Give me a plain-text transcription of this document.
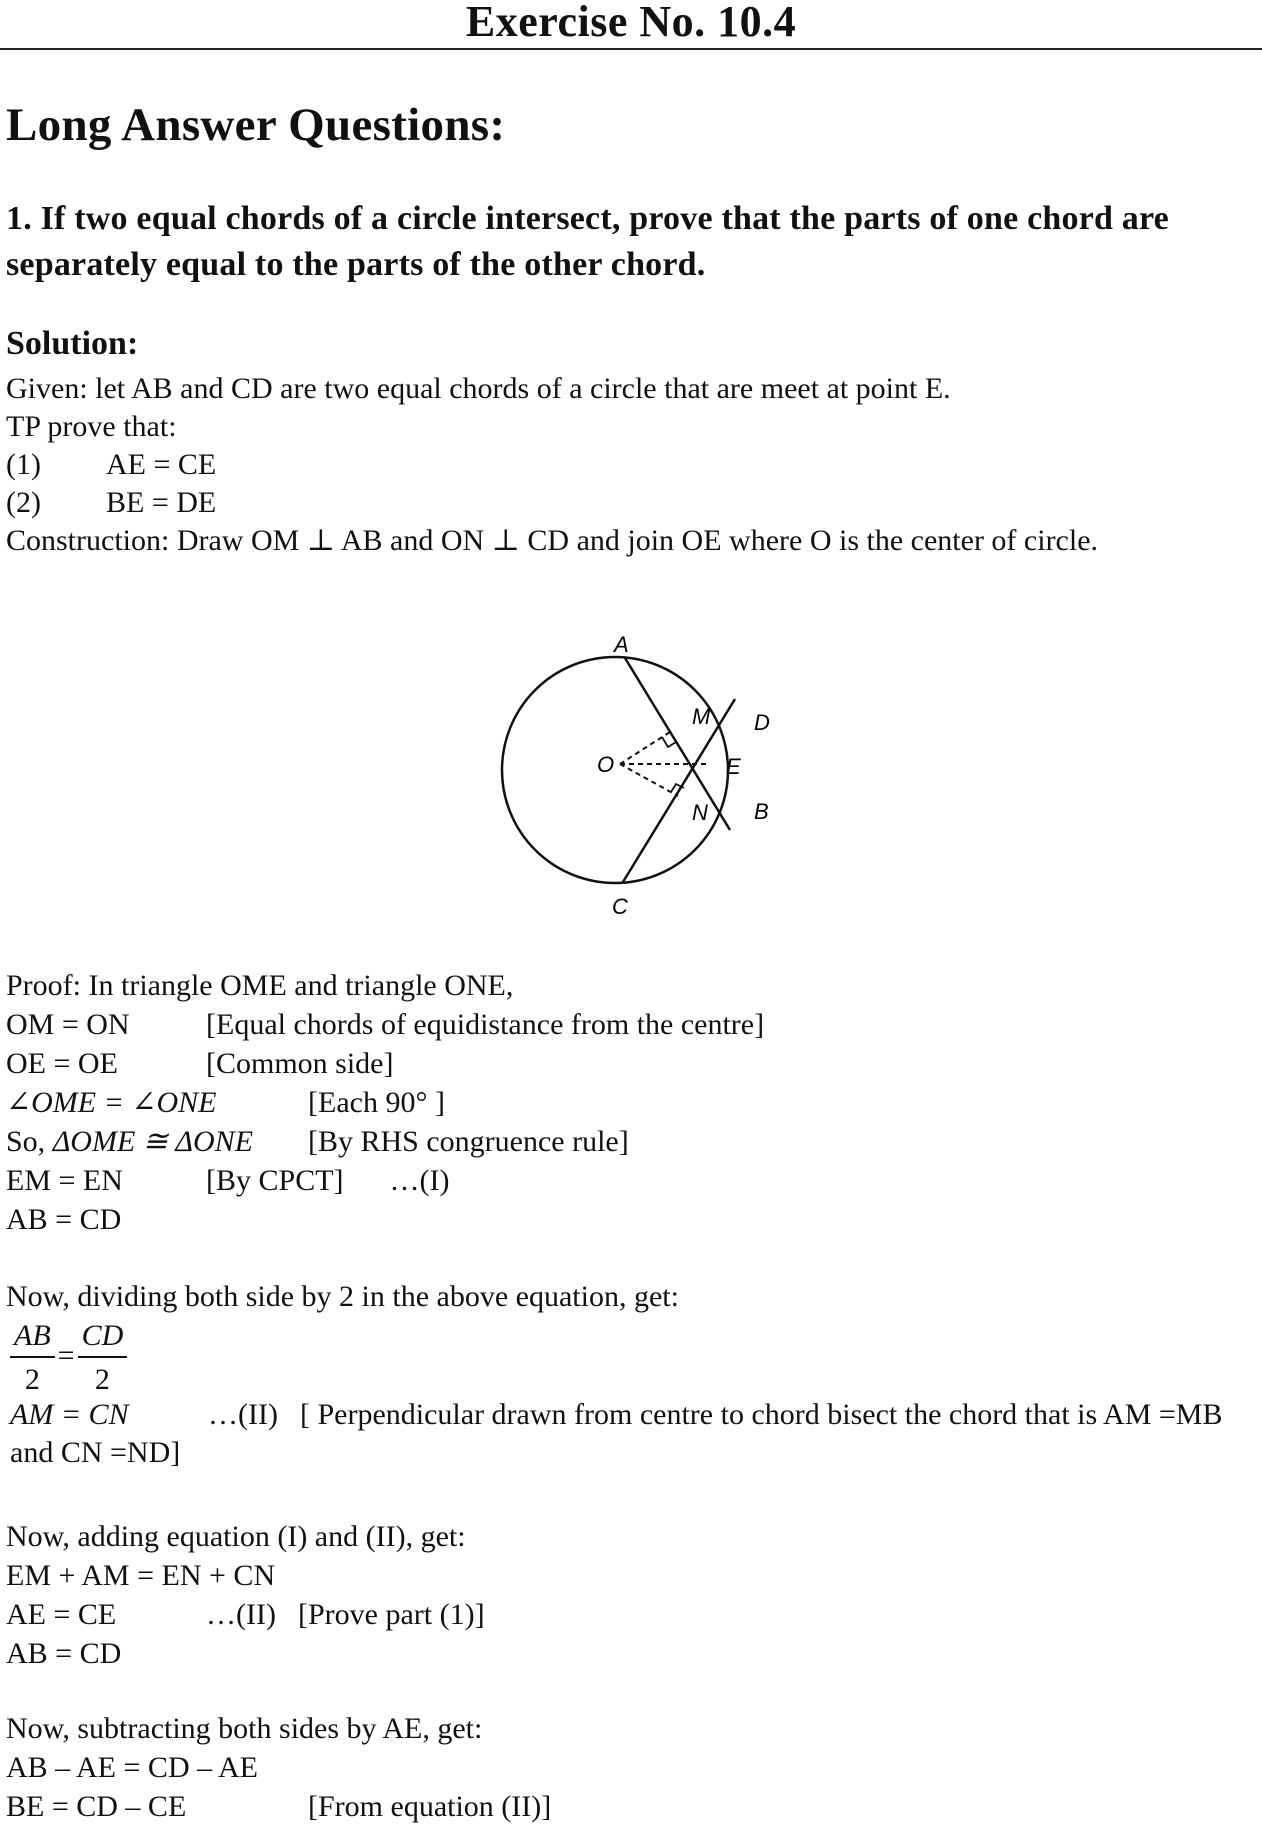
Exercise No. 10.4
Long Answer Questions:

1. If two equal chords of a circle intersect, prove that the parts of one chord are separately equal to the parts of the other chord.

Solution:
Given: let AB and CD are two equal chords of a circle that are meet at point E.
TP prove that:
(1) AE = CE
(2) BE = DE
Construction: Draw OM ⊥ AB and ON ⊥ CD and join OE where O is the center of circle.
A
B
C
D
E
M
N
O
Proof: In triangle OME and triangle ONE,
OM = ON	[Equal chords of equidistance from the centre]
OE = OE	[Common side]
∠OME = ∠ONE	[Each 90° ]
So, ΔOME ≅ ΔONE [By RHS congruence rule]
EM = EN	[By CPCT] …(I)
AB = CD
Now, dividing both side by 2 in the above equation, get:
$\frac{AB}{2} = \frac{CD}{2}$
AM = CN	…(II) [ Perpendicular drawn from centre to chord bisect the chord that is AM =MB and CN =ND]
Now, adding equation (I) and (II), get:
EM + AM = EN + CN
AE = CE	…(II) [Prove part (1)]
AB = CD
Now, subtracting both sides by AE, get:
AB – AE = CD – AE
BE = CD – CE	[From equation (II)]
